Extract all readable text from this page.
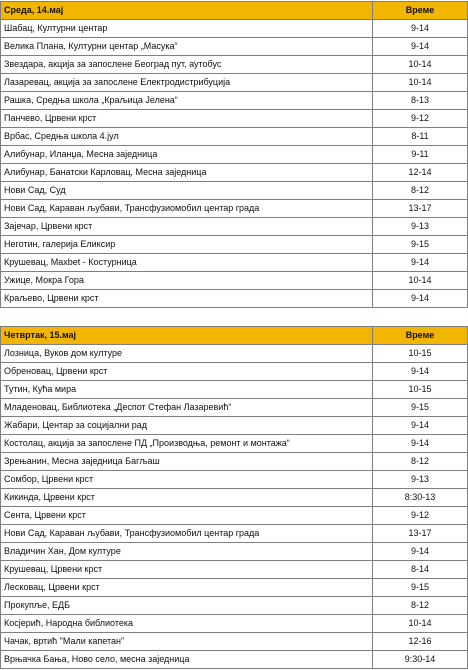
Среда, 14.мај	Време
Шабац, Културни центар	9-14
Велика Плана, Културни центар „Масука“	9-14
Звездара, акција за запослене Београд пут, аутобус	10-14
Лазаревац, акција за запослене Електродистрибуција	10-14
Рашка, Средња школа „Краљица Јелена“	8-13
Панчево, Црвени крст	9-12
Врбас, Средња школа 4.јул	8-11
Алибунар, Иланџа, Месна заједница	9-11
Алибунар, Банатски Карловац, Месна заједница	12-14
Нови Сад, Суд	8-12
Нови Сад, Караван љубави, Трансфузиомобил центар града	13-17
Зајечар, Црвени крст	9-13
Неготин, галерија Еликсир	9-15
Крушевац, Maxbet - Костурница	9-14
Ужице, Мокра Гора	10-14
Краљево, Црвени крст	9-14
Четвртак, 15.мај	Време
Лозница, Вуков дом културе	10-15
Обреновац, Црвени крст	9-14
Тутин, Кућа мира	10-15
Младеновац, Библиотека „Деспот Стефан Лазаревић“	9-15
Жабари, Центар за социјални рад	9-14
Костолац, акција за запослене ПД „Производња, ремонт и монтажа“	9-14
Зрењанин, Месна заједница Багљаш	8-12
Сомбор, Црвени крст	9-13
Кикинда, Црвени крст	8:30-13
Сента, Црвени крст	9-12
Нови Сад, Караван љубави, Трансфузиомобил центар града	13-17
Владичин Хан, Дом културе	9-14
Крушевац, Црвени крст	8-14
Лесковац, Црвени крст	9-15
Прокупље, ЕДБ	8-12
Косјерић, Народна библиотека	10-14
Чачак, вртић "Мали капетан"	12-16
Врњачка Бања, Ново село, месна заједница	9:30-14
